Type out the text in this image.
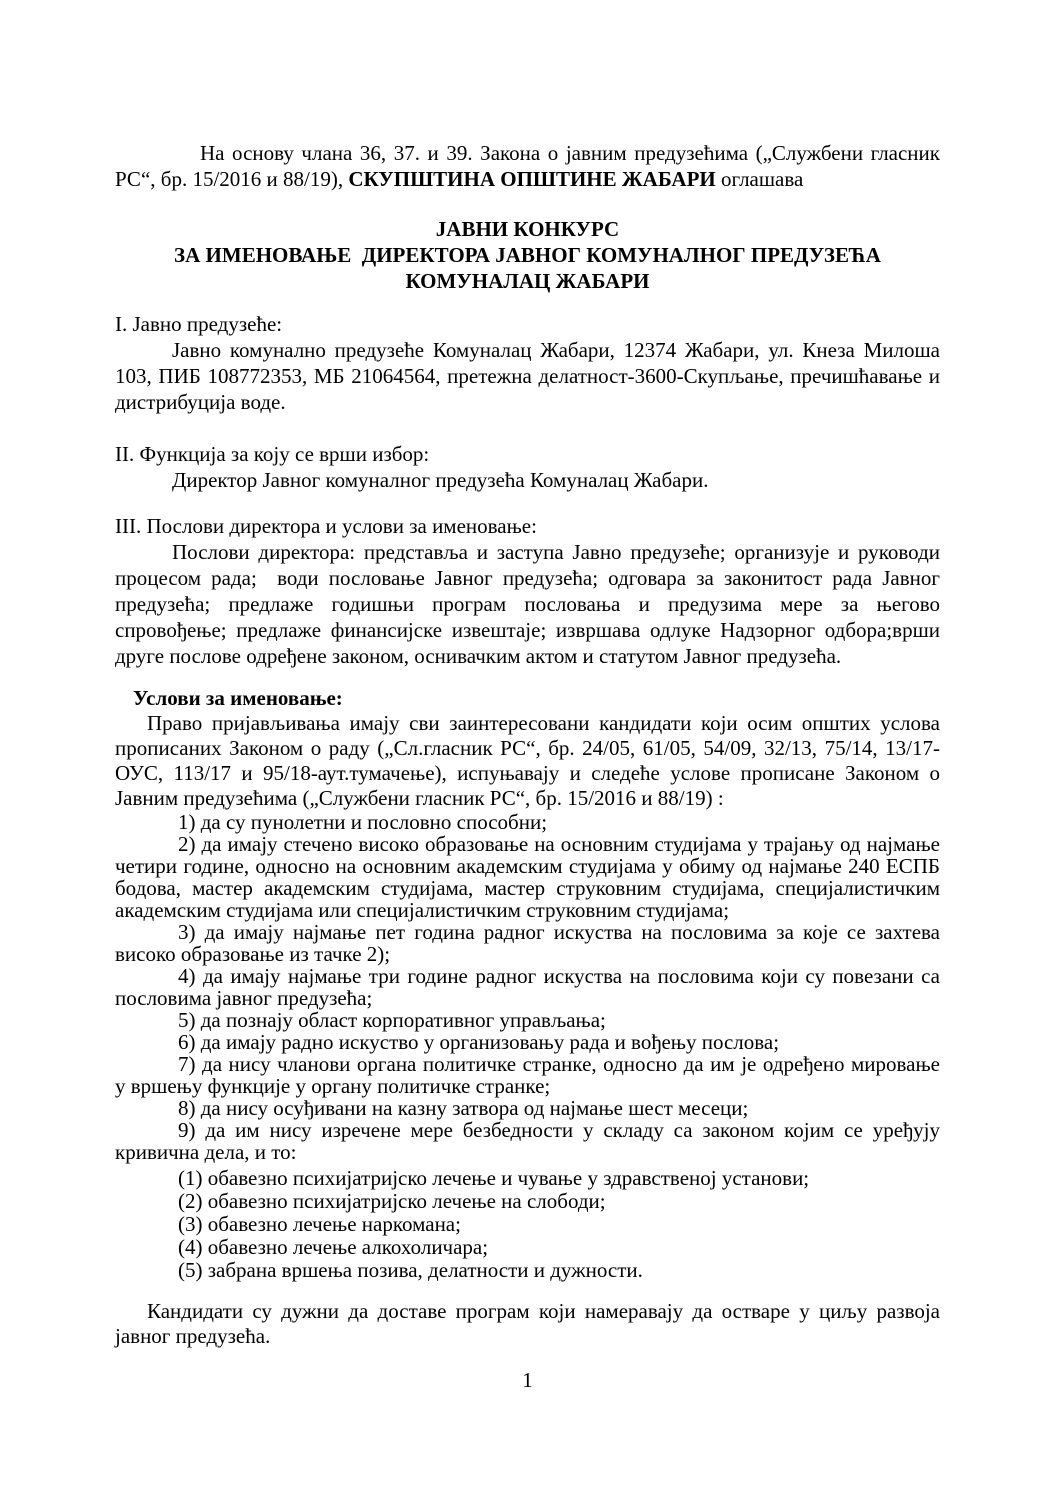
На основу члана 36, 37. и 39. Закона о јавним предузећима („Службени гласник РС“, бр. 15/2016 и 88/19), СКУПШТИНА ОПШТИНЕ ЖАБАРИ оглашава

ЈАВНИ КОНКУРС
ЗА ИМЕНОВАЊЕ  ДИРЕКТОРА ЈАВНОГ КОМУНАЛНОГ ПРЕДУЗЕЋА
КОМУНАЛАЦ ЖАБАРИ

I. Јавно предузеће:

Јавно комунално предузеће Комуналац Жабари, 12374 Жабари, ул. Кнеза Милоша 103, ПИБ 108772353, МБ 21064564, претежна делатност-3600-Скупљање, пречишћавање и дистрибуција воде.

II. Функција за коју се врши избор:

Директор Јавног комуналног предузећа Комуналац Жабари.

III. Послови директора и услови за именовање:

Послови директора: представља и заступа Јавно предузеће; организује и руководи процесом рада;  води пословање Јавног предузећа; одговара за законитост рада Јавног предузећа; предлаже годишњи програм пословања и предузима мере за његово спровођење; предлаже финансијске извештаје; извршава одлуке Надзорног одбора;врши друге послове одређене законом, оснивачким актом и статутом Јавног предузећа.

Услови за именовање:

Право пријављивања имају сви заинтересовани кандидати који осим општих услова прописаних Законом о раду („Сл.гласник РС“, бр. 24/05, 61/05, 54/09, 32/13, 75/14, 13/17-ОУС, 113/17 и 95/18-аут.тумачење), испуњавају и следеће услове прописане Законом о Јавним предузећима („Службени гласник РС“, бр. 15/2016 и 88/19) :

1) да су пунолетни и пословно способни;

2) да имају стечено високо образовање на основним студијама у трајању од најмање четири године, односно на основним академским студијама у обиму од најмање 240 ЕСПБ бодова, мастер академским студијама, мастер струковним студијама, специјалистичким академским студијама или специјалистичким струковним студијама;

3) да имају најмање пет година радног искуства на пословима за које се захтева високо образовање из тачке 2);

4) да имају најмање три године радног искуства на пословима који су повезани са пословима јавног предузећа;

5) да познају област корпоративног управљања;

6) да имају радно искуство у организовању рада и вођењу послова;

7) да нису чланови органа политичке странке, односно да им је одређено мировање у вршењу функције у органу политичке странке;

8) да нису осуђивани на казну затвора од најмање шест месеци;

9) да им нису изречене мере безбедности у складу са законом којим се уређују кривична дела, и то:

(1) обавезно психијатријско лечење и чување у здравственој установи;

(2) обавезно психијатријско лечење на слободи;

(3) обавезно лечење наркомана;

(4) обавезно лечење алкохоличара;

(5) забрана вршења позива, делатности и дужности.

Кандидати су дужни да доставе програм који намеравају да остваре у циљу развоја јавног предузећа.

1
